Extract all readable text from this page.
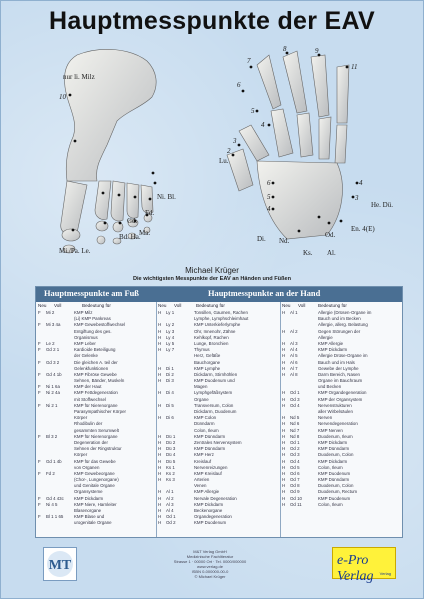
Hauptmesspunkte der EAV
nur li. Milz
10
Ni. Bl.
Fd.
Gd.
Ma.
Bd. Ha.
Mi./Pa. Le.
7
8	9
11
6
5
4
3
2
6
5
4
4
3
Lu.
He. Dü.
Di. Nd.
Od.
En. 4(E)
Ks. Al.
Michael Krüger
Die wichtigsten Messpunkte der EAV an Händen und Füßen
Hauptmesspunkte am Fuß	Hauptmesspunkte an der Hand
Neu Voll	Bedeutung für	Neu Voll	Bedeutung für	Neu Voll	Bedeutung für
F Mi 2	KMP Milz
(Li) KMP Pankreas
F Mi 3 4a	KMP Gewebestoffwechsel
Entgiftung des ges.
Organismus
F Le 2	KMP Leber
F Gd 2 1	Kardioide Beteiligung
der Gelenke
F Gd 3 2	Die gleichen A. teil der
Gelenkfunktionen
F Gd 4 1b	KMP Fibröse Gewebe
Sehnen, Bänder, Muskeln
F Ni 1 6a	KMP der Haut
F Ni 2 4a	KMP Fettdegeneration
mit Stoffwechsel
F Ni 2 1	KMP für Nierenorgane
Parasympathischer Körper
Körper
Rhodibulin der
gesammten Serumwelt
F Bl 3 2	KMP für Nierenorgane
Degeneration der
Sehnen der Ringstruktur
Körper
F Gd 1 4b	KMP für das Gewebe
von Organen
F Fd 2	KMP Gewebeorgane
(Chor-, Lungenorgane)
und Genitale Organe
Organsysteme
F Gd 4 43c KMP Dickdarm
F Ni 4 5	KMP Niere, Harnleiter
Blasenorgane
F Bl 1 1 65 KMP Blase und
urogenitale Organe
H Ly 1	Tonsillen, Gaumen, Rachen
Lymphe, Lymphschleimhaut
H Ly 2	KMP Unterkieferlymphe
H Ly 3	Ohr, Innenohr, Zähne
H Ly 4	Kehlkopf, Rachen
H Ly 5	Lunge, Bronchien
H Ly 7	Thymus
Herz, Gefäße
Bauchorgane
H Di 1	KMP Lymphe
H Di 2	Dickdarm, Stirnhöhlen
H Di 3	KMP Duodenum und
Magen
H Di 4	Lymphgefäßsystem
Organe
H Di 5	Transversum, Colon
Dickdarm, Duodenum
H Di 6	KMP Colon
Dünndarm
Colon, Ileum
H Dü 1	KMP Dünndarm
H Dü 2	Zentrales Nervensystem
H Dü 3	KMP Dünndarm
H Dü 4	KMP Herz
H Dü 5	Kreislauf
H Ks 1	Nervenreizungen
H Ks 2	KMP Kreislauf
H Ks 3	Arterien
Venen
H Al 1	KMP Allergie
H Al 2	Nervale Degeneration
H Al 3	KMP Dickdarm
H Al 4	Beckenorgane
H Od 1	Organdegeneration
H Od 2	KMP Duodenum
H Al 1	Allergie (Drüsen-Organe im
Bauch und im Becken
Allergie, allerg. Belastung
H Al 2	Gegen Störungen der
Allergie
H Al 3	KMP Allergie
H Al 4	KMP Dickdarm
H Al 5	Allergie Drüse-Organe im
H Al 6	Bauch und im Hals
H Al 7	Gewebe der Lymphe
H Al 8	Darm Bereich, Nasen
Organe im Bauchraum
und Becken
H Od 1	KMP Organdegeneration
H Od 3	KMP der Organsystem
H Od 4	Nervenstrukturen
aller Wirbelsäulen
H Nd 5	Nerven
H Nd 6	Nervendegeneration
H Nd 7	KMP Nerven
H Nd 8	Duodenum, Ileum
H Od 1	KMP Dickdarm
H Od 2	KMP Dünndarm
H Od 3	Duodenum, Colon
H Od 4	KMP Dickdarm
H Od 5	Colon, Ileum
H Od 6	KMP Duodenum
H Od 7	KMP Dünndarm
H Od 8	Duodenum, Colon
H Od 9	Duodenum, Rectum
H Od 10	KMP Duodenum
H Od 11	Colon, Ileum
MT
M&T Verlag GmbH
Medizinische Fachliteratur
Strasse 1 · 00000 Ort · Tel. 0000/000000
www.verlag.de
ISBN 0-000000-00-0
© Michael Krüger
e-Pro Verlag	Verlag
